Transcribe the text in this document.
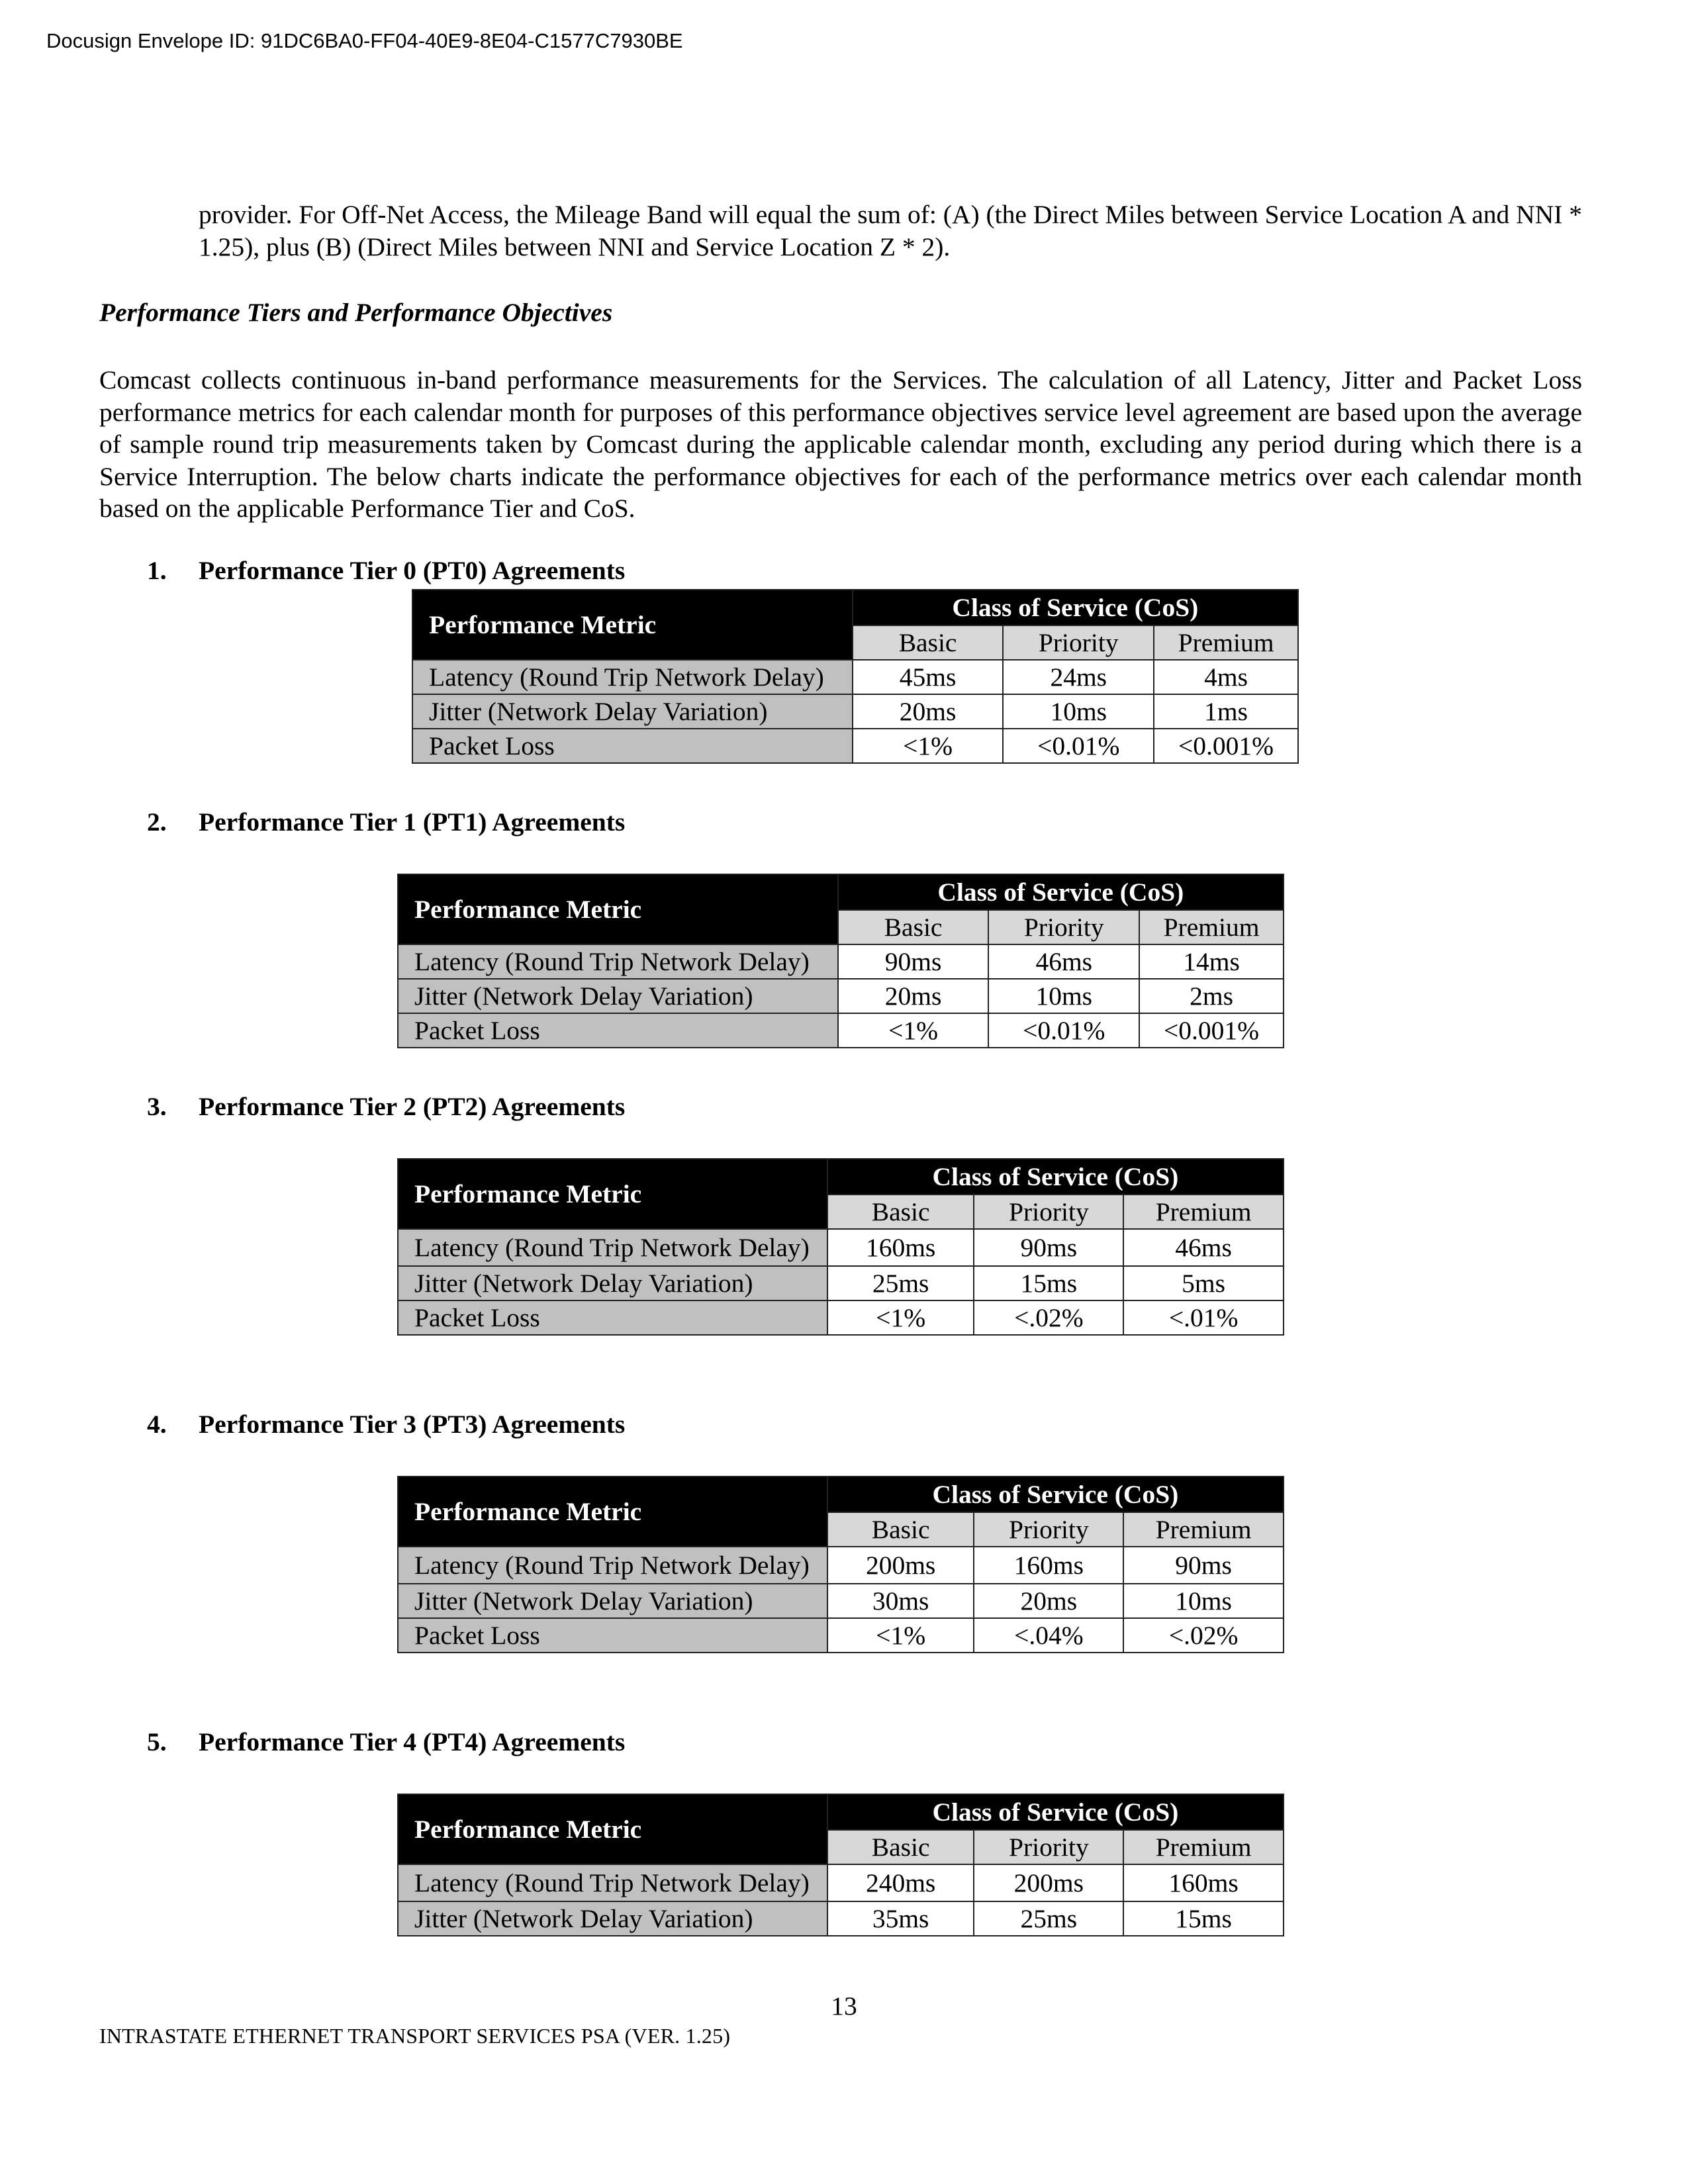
Docusign Envelope ID: 91DC6BA0-FF04-40E9-8E04-C1577C7930BE

provider. For Off-Net Access, the Mileage Band will equal the sum of: (A) (the Direct Miles between Service Location A and NNI * 1.25), plus (B) (Direct Miles between NNI and Service Location Z * 2).

Performance Tiers and Performance Objectives

Comcast collects continuous in-band performance measurements for the Services. The calculation of all Latency, Jitter and Packet Loss performance metrics for each calendar month for purposes of this performance objectives service level agreement are based upon the average of sample round trip measurements taken by Comcast during the applicable calendar month, excluding any period during which there is a Service Interruption. The below charts indicate the performance objectives for each of the performance metrics over each calendar month based on the applicable Performance Tier and CoS.

1. Performance Tier 0 (PT0) Agreements
Performance Metric	Class of Service (CoS)		
	Basic	Priority	Premium
Latency (Round Trip Network Delay)	45ms	24ms	4ms
Jitter (Network Delay Variation)	20ms	10ms	1ms
Packet Loss	<1%	<0.01%	<0.001%
2. Performance Tier 1 (PT1) Agreements
Performance Metric	Class of Service (CoS)		
	Basic	Priority	Premium
Latency (Round Trip Network Delay)	90ms	46ms	14ms
Jitter (Network Delay Variation)	20ms	10ms	2ms
Packet Loss	<1%	<0.01%	<0.001%
3. Performance Tier 2 (PT2) Agreements
Performance Metric	Class of Service (CoS)		
	Basic	Priority	Premium
Latency (Round Trip Network Delay)	160ms	90ms	46ms
Jitter (Network Delay Variation)	25ms	15ms	5ms
Packet Loss	<1%	<.02%	<.01%
4. Performance Tier 3 (PT3) Agreements
Performance Metric	Class of Service (CoS)		
	Basic	Priority	Premium
Latency (Round Trip Network Delay)	200ms	160ms	90ms
Jitter (Network Delay Variation)	30ms	20ms	10ms
Packet Loss	<1%	<.04%	<.02%
5. Performance Tier 4 (PT4) Agreements
Performance Metric	Class of Service (CoS)		
	Basic	Priority	Premium
Latency (Round Trip Network Delay)	240ms	200ms	160ms
Jitter (Network Delay Variation)	35ms	25ms	15ms
13
INTRASTATE ETHERNET TRANSPORT SERVICES PSA (VER. 1.25)
